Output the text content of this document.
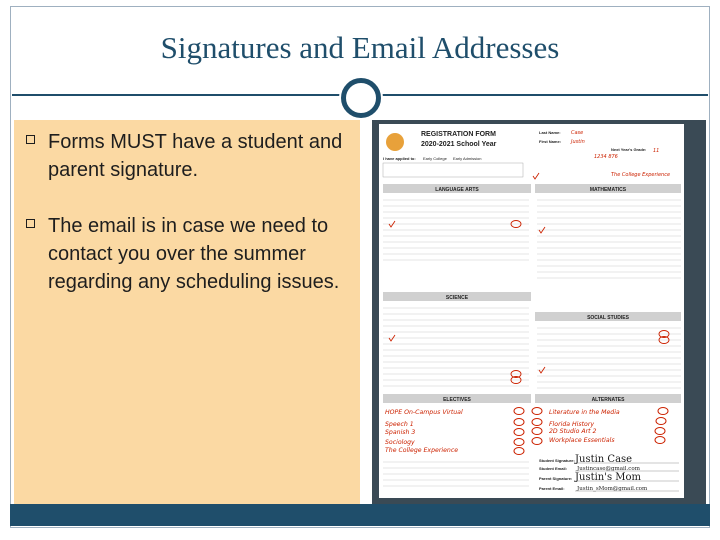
Signatures and Email Addresses
Forms MUST have a student and parent signature.
The email is in case we need to contact you over the summer regarding any scheduling issues.
REGISTRATION FORM
2020-2021 School Year
Last Name:
First Name:
Next Year's Grade:
I have applied to: Early College Early Admission
Case
Justin
11
1234 876
The College Experience
LANGUAGE ARTS	MATHEMATICS
SCIENCE
SOCIAL STUDIES
ELECTIVES	ALTERNATES
HOPE On-Campus Virtual
Speech 1
Spanish 3
Sociology
The College Experience
Literature in the Media
Florida History
2D Studio Art 2
Workplace Essentials
Student Signature:
Student Email:
Parent Signature:
Parent Email:
Justin Case
Justincase@gmail.com
Justin's Mom
Justin_sMom@gmail.com
